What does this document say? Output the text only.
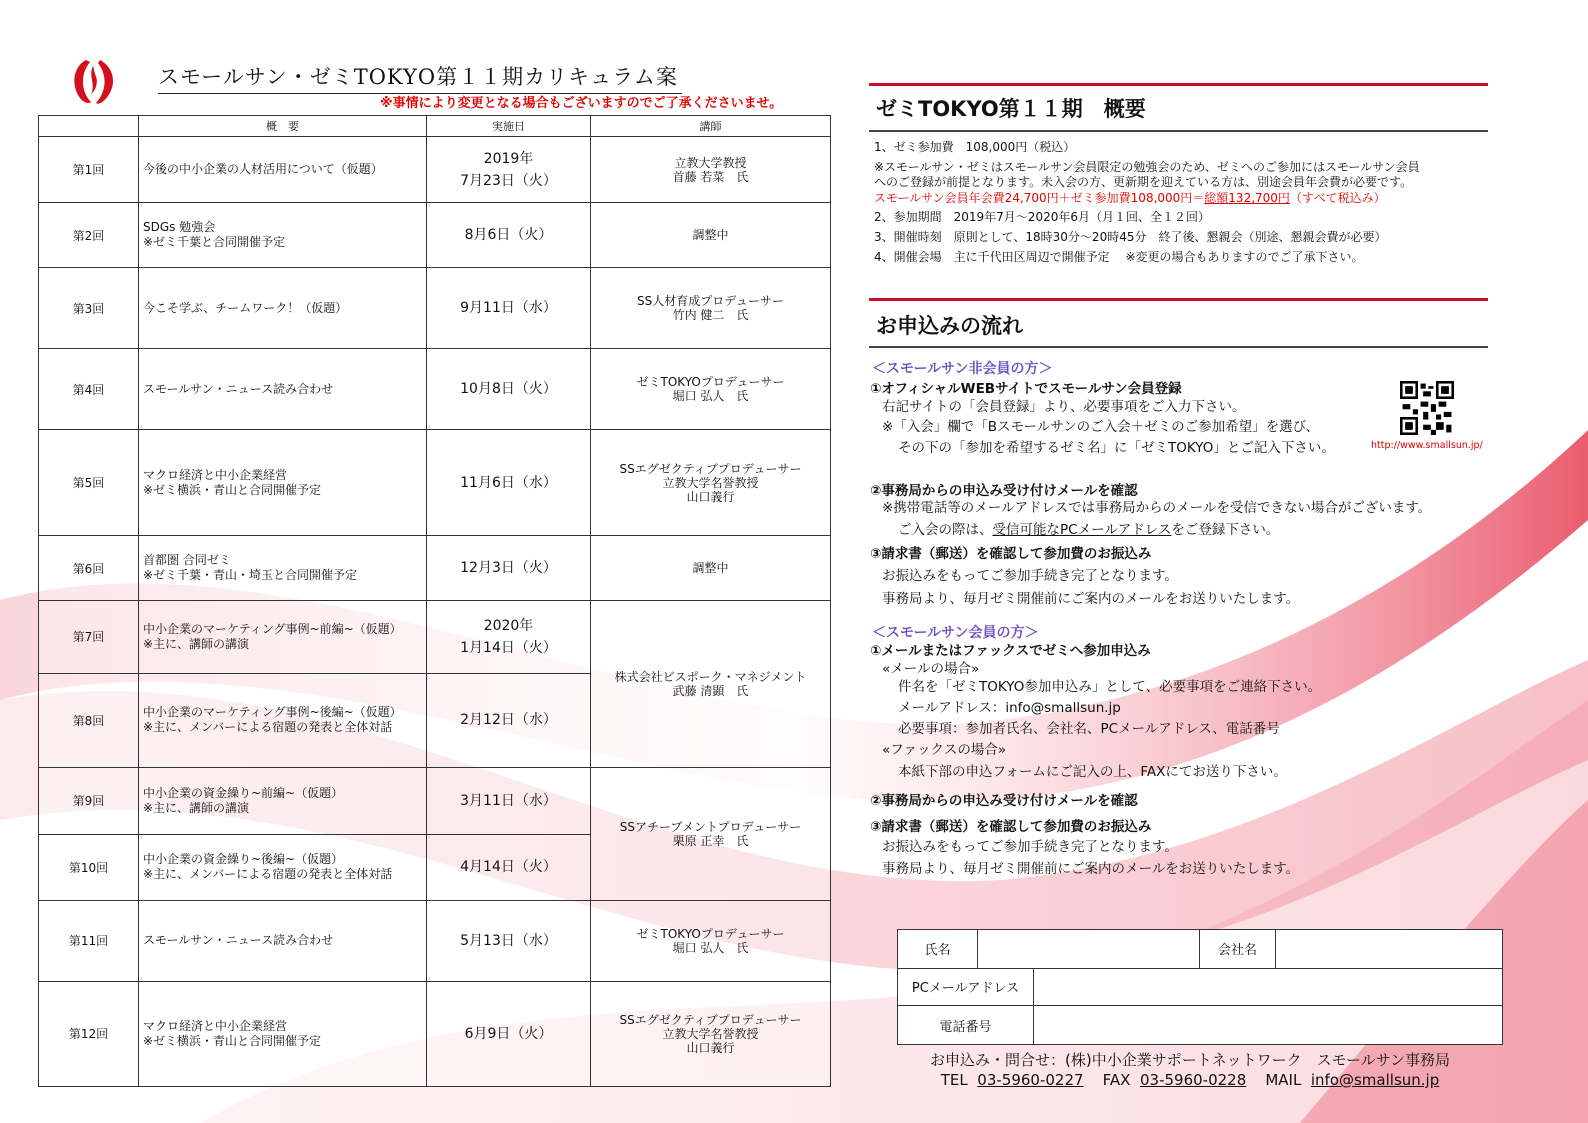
スモールサン・ゼミTOKYO第１１期カリキュラム案
※事情により変更となる場合もございますのでご了承くださいませ。
	概　要	実施日	講師
第1回	今後の中小企業の人材活用について（仮題）	2019年
7月23日（火）	立教大学教授
首藤 若菜　氏

第2回	SDGs 勉強会
※ゼミ千葉と合同開催予定	8月6日（火）	調整中

第3回	今こそ学ぶ、チームワーク！（仮題）	9月11日（水）	SS人材育成プロデューサー
竹内 健二　氏

第4回	スモールサン・ニュース読み合わせ	10月8日（火）	ゼミTOKYOプロデューサー
堀口 弘人　氏

第5回	マクロ経済と中小企業経営
※ゼミ横浜・青山と合同開催予定	11月6日（水）	SSエグゼクティブプロデューサー
立教大学名誉教授
山口義行

第6回	首都圏 合同ゼミ
※ゼミ千葉・青山・埼玉と合同開催予定	12月3日（火）	調整中

第7回	中小企業のマーケティング事例~前編~（仮題）
※主に、講師の講演	2020年
1月14日（火）	株式会社ビスポーク・マネジメント
武藤 清顕　氏

第8回	中小企業のマーケティング事例~後編~（仮題）
※主に、メンバーによる宿題の発表と全体対話	2月12日（水）	

第9回	中小企業の資金繰り~前編~（仮題）
※主に、講師の講演	3月11日（水）	SSアチーブメントプロデューサー
栗原 正幸　氏

第10回	中小企業の資金繰り~後編~（仮題）
※主に、メンバーによる宿題の発表と全体対話	4月14日（火）	

第11回	スモールサン・ニュース読み合わせ	5月13日（水）	ゼミTOKYOプロデューサー
堀口 弘人　氏

第12回	マクロ経済と中小企業経営
※ゼミ横浜・青山と合同開催予定	6月9日（火）	SSエグゼクティブプロデューサー
立教大学名誉教授
山口義行
ゼミTOKYO第１１期　概要
1、ゼミ参加費　108,000円（税込）
※スモールサン・ゼミはスモールサン会員限定の勉強会のため、ゼミへのご参加にはスモールサン会員
へのご登録が前提となります。未入会の方、更新期を迎えている方は、別途会員年会費が必要です。
スモールサン会員年会費24,700円＋ゼミ参加費108,000円＝総額132,700円（すべて税込み）
2、参加期間　2019年7月～2020年6月（月１回、全１２回）
3、開催時刻　原則として、18時30分～20時45分　終了後、懇親会（別途、懇親会費が必要）
4、開催会場　主に千代田区周辺で開催予定　 ※変更の場合もありますのでご了承下さい。
お申込みの流れ
＜スモールサン非会員の方＞
①オフィシャルWEBサイトでスモールサン会員登録
右記サイトの「会員登録」より、必要事項をご入力下さい。
※「入会」欄で「Bスモールサンのご入会＋ゼミのご参加希望」を選び、
その下の「参加を希望するゼミ名」に「ゼミTOKYO」とご記入下さい。	http://www.smallsun.jp/
②事務局からの申込み受け付けメールを確認
※携帯電話等のメールアドレスでは事務局からのメールを受信できない場合がございます。
ご入会の際は、受信可能なPCメールアドレスをご登録下さい。
③請求書（郵送）を確認して参加費のお振込み
お振込みをもってご参加手続き完了となります。
事務局より、毎月ゼミ開催前にご案内のメールをお送りいたします。
＜スモールサン会員の方＞
①メールまたはファックスでゼミへ参加申込み
«メールの場合»
件名を「ゼミTOKYO参加申込み」として、必要事項をご連絡下さい。
メールアドレス：info@smallsun.jp
必要事項：参加者氏名、会社名、PCメールアドレス、電話番号
«ファックスの場合»
本紙下部の申込フォームにご記入の上、FAXにてお送り下さい。
②事務局からの申込み受け付けメールを確認
③請求書（郵送）を確認して参加費のお振込み
お振込みをもってご参加手続き完了となります。
事務局より、毎月ゼミ開催前にご案内のメールをお送りいたします。
氏名			会社名	
PCメールアドレス				
電話番号				
お申込み・問合せ：(株)中小企業サポートネットワーク　スモールサン事務局
TEL 03-5960-0227 FAX 03-5960-0228 MAIL info@smallsun.jp
